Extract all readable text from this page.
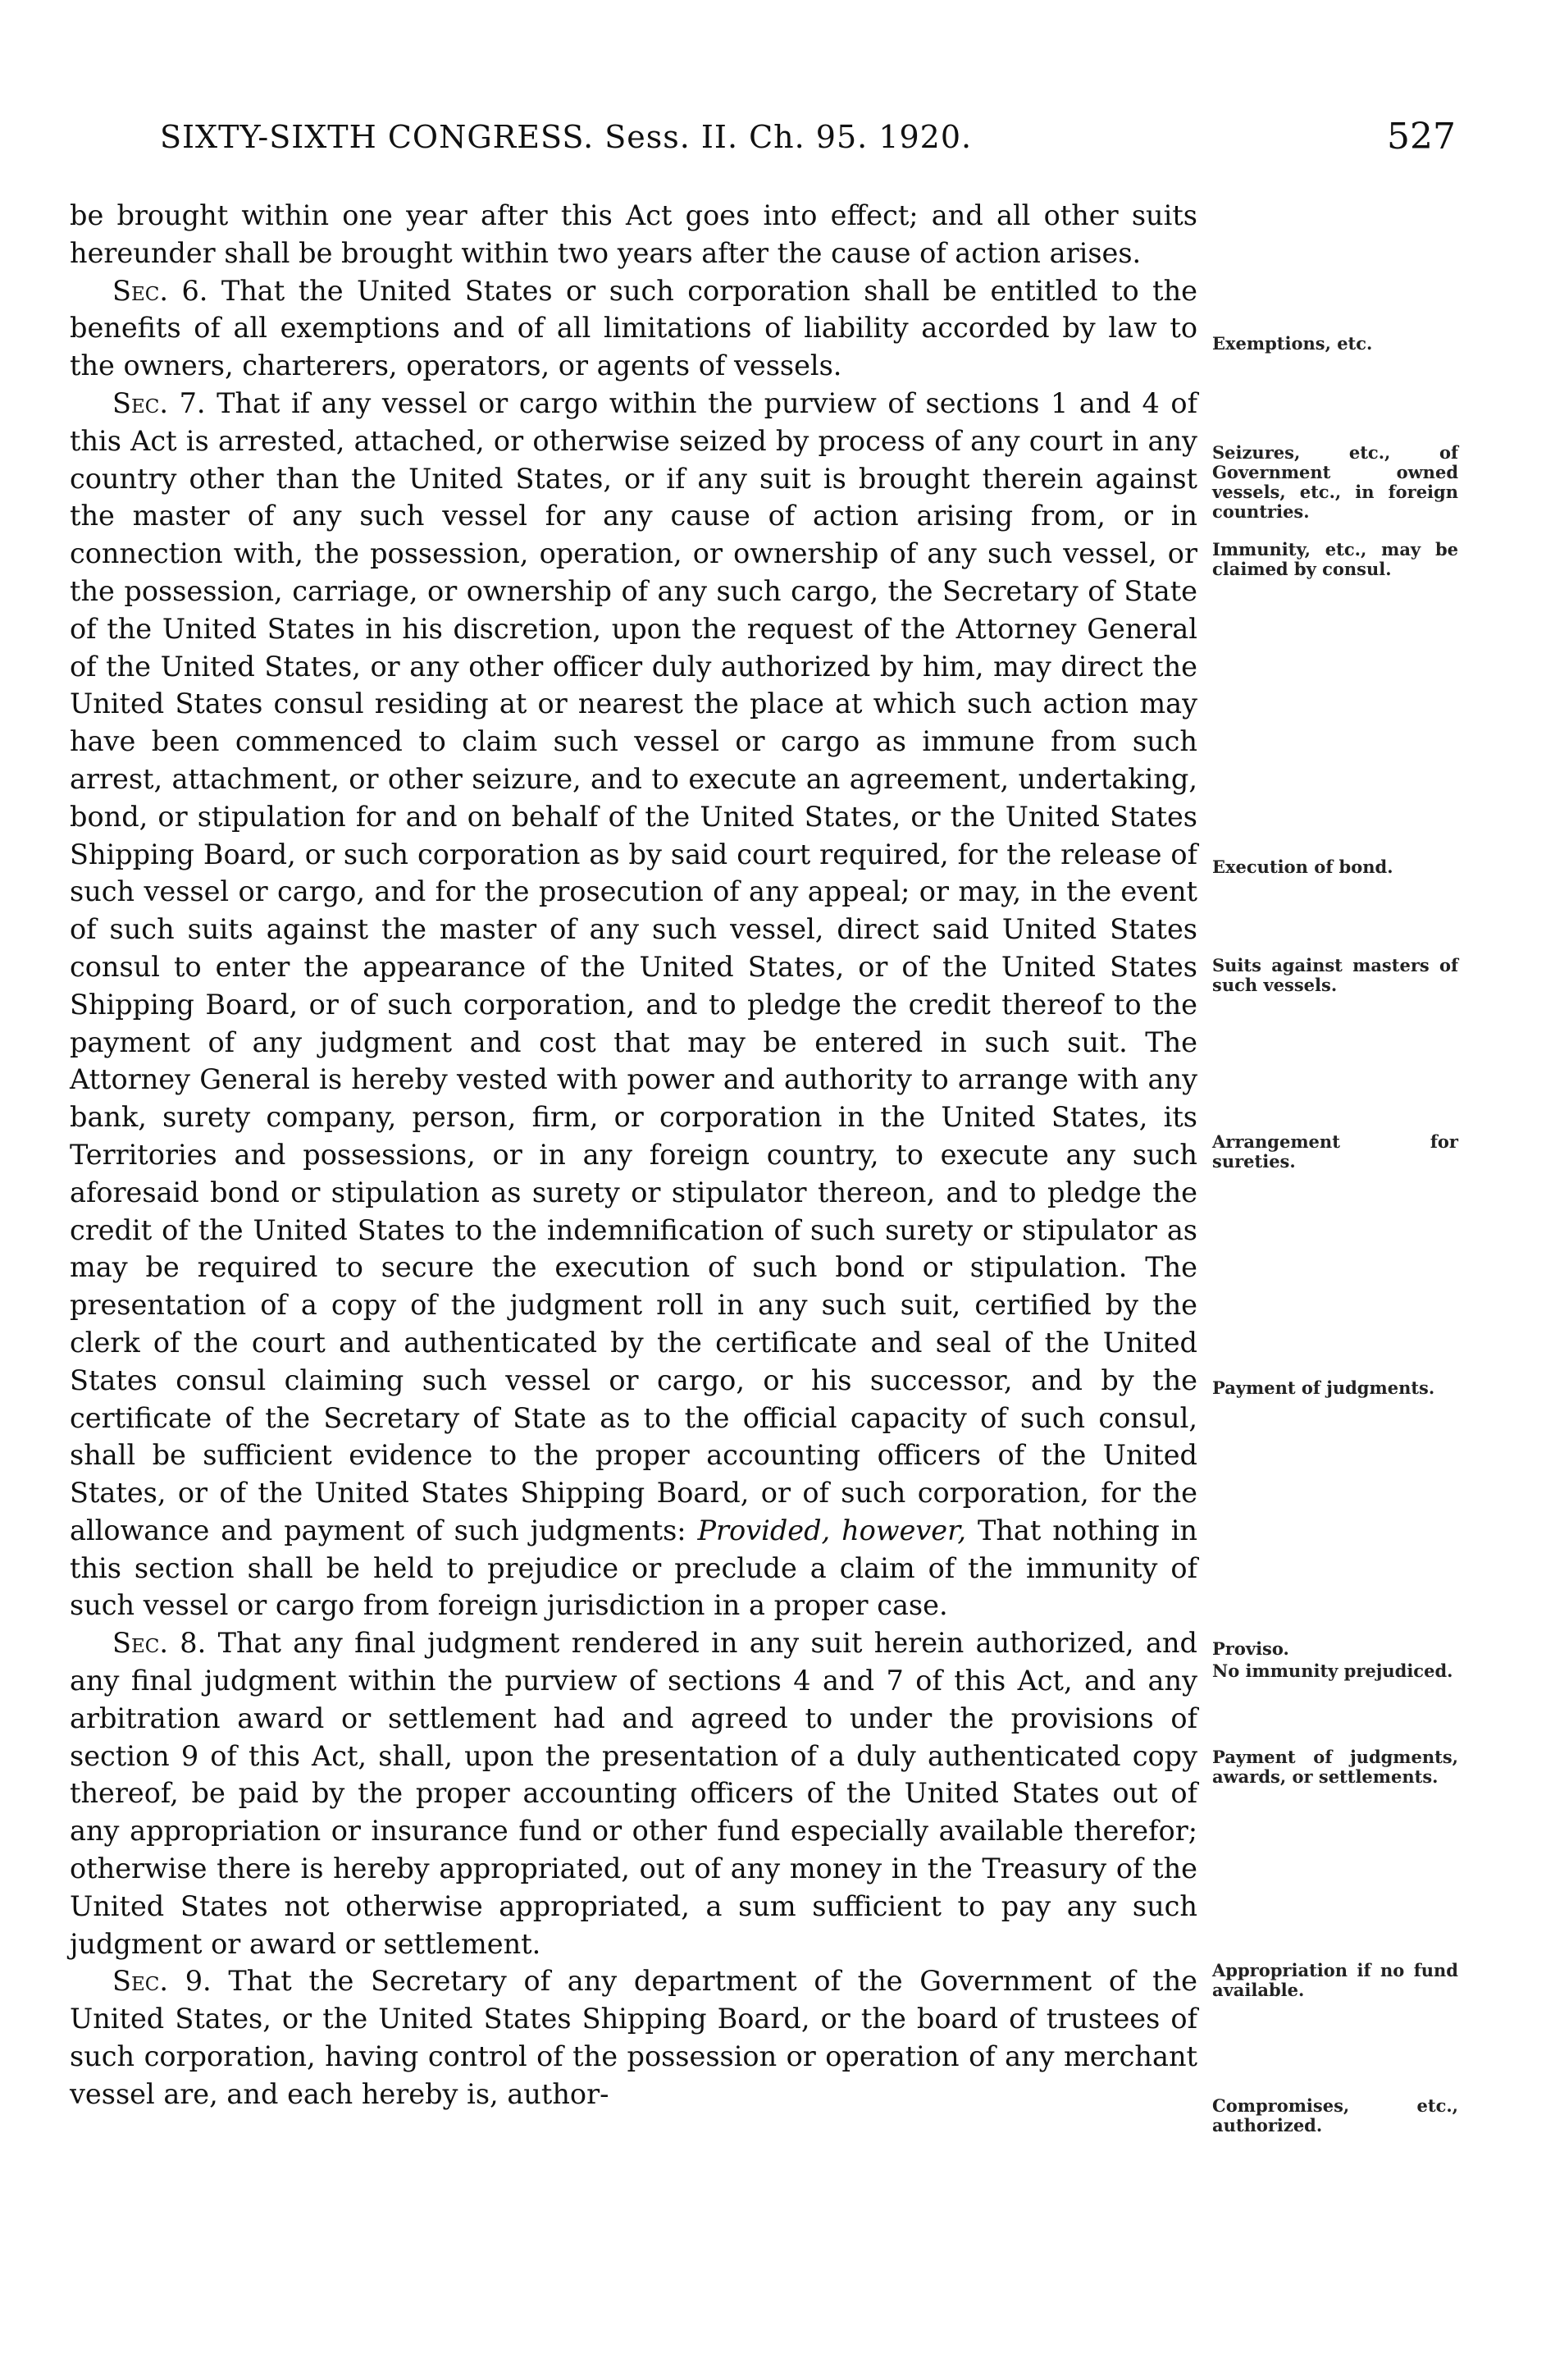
SIXTY-SIXTH CONGRESS. Sess. II. Ch. 95. 1920.	527

be brought within one year after this Act goes into effect; and all other suits hereunder shall be brought within two years after the cause of action arises.

Sec. 6. That the United States or such corporation shall be entitled to the benefits of all exemptions and of all limitations of liability accorded by law to the owners, charterers, operators, or agents of vessels.

Sec. 7. That if any vessel or cargo within the purview of sections 1 and 4 of this Act is arrested, attached, or otherwise seized by process of any court in any country other than the United States, or if any suit is brought therein against the master of any such vessel for any cause of action arising from, or in connection with, the possession, operation, or ownership of any such vessel, or the possession, carriage, or ownership of any such cargo, the Secretary of State of the United States in his discretion, upon the request of the Attorney General of the United States, or any other officer duly authorized by him, may direct the United States consul residing at or nearest the place at which such action may have been commenced to claim such vessel or cargo as immune from such arrest, attachment, or other seizure, and to execute an agreement, undertaking, bond, or stipulation for and on behalf of the United States, or the United States Shipping Board, or such corporation as by said court required, for the release of such vessel or cargo, and for the prosecution of any appeal; or may, in the event of such suits against the master of any such vessel, direct said United States consul to enter the appearance of the United States, or of the United States Shipping Board, or of such corporation, and to pledge the credit thereof to the payment of any judgment and cost that may be entered in such suit. The Attorney General is hereby vested with power and authority to arrange with any bank, surety company, person, firm, or corporation in the United States, its Territories and possessions, or in any foreign country, to execute any such aforesaid bond or stipulation as surety or stipulator thereon, and to pledge the credit of the United States to the indemnification of such surety or stipulator as may be required to secure the execution of such bond or stipulation. The presentation of a copy of the judgment roll in any such suit, certified by the clerk of the court and authenticated by the certificate and seal of the United States consul claiming such vessel or cargo, or his successor, and by the certificate of the Secretary of State as to the official capacity of such consul, shall be sufficient evidence to the proper accounting officers of the United States, or of the United States Shipping Board, or of such corporation, for the allowance and payment of such judgments: Provided, however, That nothing in this section shall be held to prejudice or preclude a claim of the immunity of such vessel or cargo from foreign jurisdiction in a proper case.

Sec. 8. That any final judgment rendered in any suit herein authorized, and any final judgment within the purview of sections 4 and 7 of this Act, and any arbitration award or settlement had and agreed to under the provisions of section 9 of this Act, shall, upon the presentation of a duly authenticated copy thereof, be paid by the proper accounting officers of the United States out of any appropriation or insurance fund or other fund especially available therefor; otherwise there is hereby appropriated, out of any money in the Treasury of the United States not otherwise appropriated, a sum sufficient to pay any such judgment or award or settlement.

Sec. 9. That the Secretary of any department of the Government of the United States, or the United States Shipping Board, or the board of trustees of such corporation, having control of the possession or operation of any merchant vessel are, and each hereby is, author-

Exemptions, etc.
Seizures, etc., of Government owned vessels, etc., in foreign countries.
Immunity, etc., may be claimed by consul.
Execution of bond.
Suits against masters of such vessels.
Arrangement for sureties.
Payment of judgments.
Proviso.
No immunity prejudiced.
Payment of judgments, awards, or settlements.
Appropriation if no fund available.
Compromises, etc., authorized.
